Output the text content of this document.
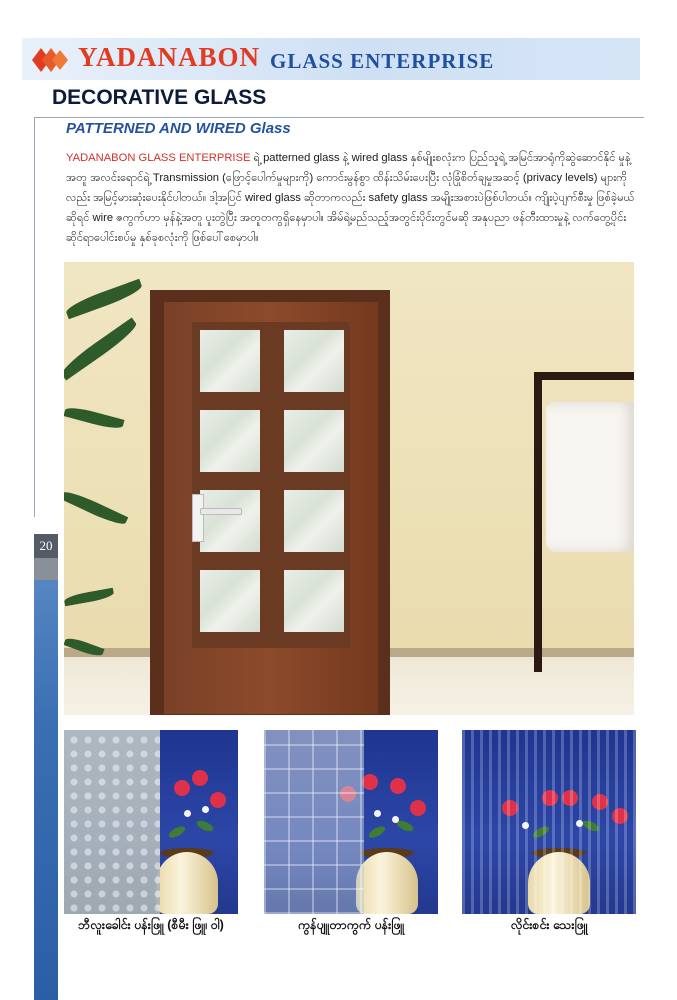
YADANABON GLASS ENTERPRISE
DECORATIVE GLASS
PATTERNED AND WIRED Glass
YADANABON GLASS ENTERPRISE ရဲ့ patterned glass နဲ့ wired glass နှစ်မျိုးစလုံးက ပြည်သူရဲ့ အမြင်အာရုံကိုဆွဲဆောင်နိုင် မှုနဲ့အတူ အလင်းရောင်ရဲ့ Transmission (ဖြောင့်ပေါက်မှုများကို) ကောင်းမွန်စွာ ထိန်းသိမ်းပေးပြီး လုံခြုံစိတ်ချမှုအဆင့် (privacy levels) များကိုလည်း အမြင့်မားဆုံးပေးနိုင်ပါတယ်။ ဒါ့အပြင် wired glass ဆိုတာကလည်း safety glass အမျိုးအစားပဲဖြစ်ပါတယ်။ ကျိုးပဲ့ပျက်စီးမှု ဖြစ်ခဲ့မယ်ဆိုရင် wire ဇကွက်ဟာ မှန်နဲ့အတူ ပူးတွဲပြီး အတူတကွရှိနေမှာပါ။ အိမ်ရဲ့မည်သည့်အတွင်းပိုင်းတွင်မဆို အနုပညာ ဖန်တီးထားမှုနဲ့ လက်တွေ့ပိုင်းဆိုင်ရာပေါင်းစပ်မှု နှစ်ခုစလုံးကို ဖြစ်ပေါ်စေမှာပါ။
20
ဘီလူးခေါင်း ပန်းဖြူ (စီမီး ဖြူ၊ ဝါ)	ကွန်ပျူတာကွက် ပန်းဖြူ	လိုင်းစင်း သေးဖြူ
